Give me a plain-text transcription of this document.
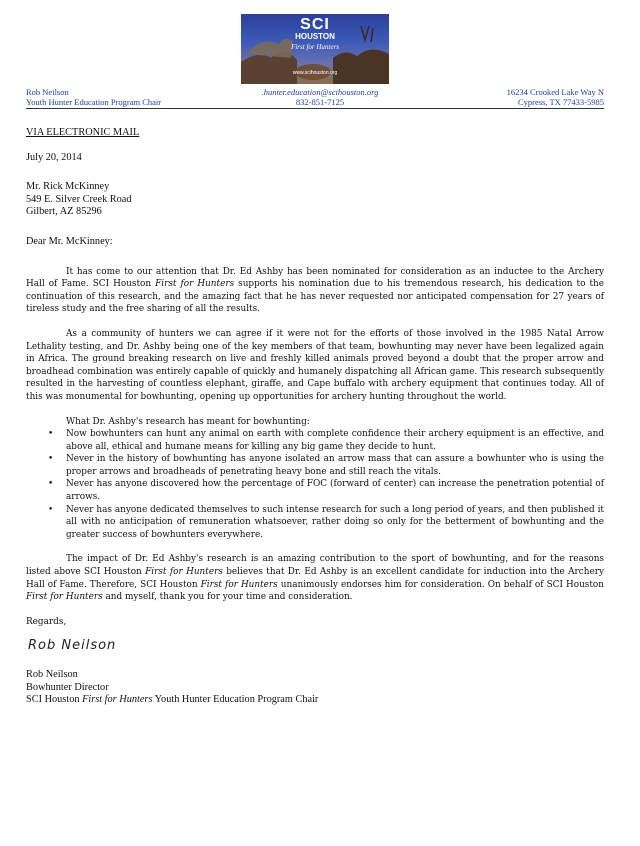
SCI
HOUSTON
First for Hunters
www.scihouston.org
Rob Neilson
Youth Hunter Education Program Chair
.hunter.education@scihouston.org
832-851-7125
16234 Crooked Lake Way N
Cypress, TX 77433-5985
VIA ELECTRONIC MAIL
July 20, 2014
Mr. Rick McKinney
549 E. Silver Creek Road
Gilbert, AZ 85296
Dear Mr. McKinney:

It has come to our attention that Dr. Ed Ashby has been nominated for consideration as an inductee to the Archery Hall of Fame. SCI Houston First for Hunters supports his nomination due to his tremendous research, his dedication to the continuation of this research, and the amazing fact that he has never requested nor anticipated compensation for 27 years of tireless study and the free sharing of all the results.

As a community of hunters we can agree if it were not for the efforts of those involved in the 1985 Natal Arrow Lethality testing, and Dr. Ashby being one of the key members of that team, bowhunting may never have been legalized again in Africa. The ground breaking research on live and freshly killed animals proved beyond a doubt that the proper arrow and broadhead combination was entirely capable of quickly and humanely dispatching all African game. This research subsequently resulted in the harvesting of countless elephant, giraffe, and Cape buffalo with archery equipment that continues today. All of this was monumental for bowhunting, opening up opportunities for archery hunting throughout the world.

What Dr. Ashby's research has meant for bowhunting:
• Now bowhunters can hunt any animal on earth with complete confidence their archery equipment is an effective, and above all, ethical and humane means for killing any big game they decide to hunt.
• Never in the history of bowhunting has anyone isolated an arrow mass that can assure a bowhunter who is using the proper arrows and broadheads of penetrating heavy bone and still reach the vitals.
• Never has anyone discovered how the percentage of FOC (forward of center) can increase the penetration potential of arrows.
• Never has anyone dedicated themselves to such intense research for such a long period of years, and then published it all with no anticipation of remuneration whatsoever, rather doing so only for the betterment of bowhunting and the greater success of bowhunters everywhere.

The impact of Dr. Ed Ashby's research is an amazing contribution to the sport of bowhunting, and for the reasons listed above SCI Houston First for Hunters believes that Dr. Ed Ashby is an excellent candidate for induction into the Archery Hall of Fame. Therefore, SCI Houston First for Hunters unanimously endorses him for consideration. On behalf of SCI Houston First for Hunters and myself, thank you for your time and consideration.

Regards,
Rob Neilson
Rob Neilson
Bowhunter Director
SCI Houston First for Hunters Youth Hunter Education Program Chair
